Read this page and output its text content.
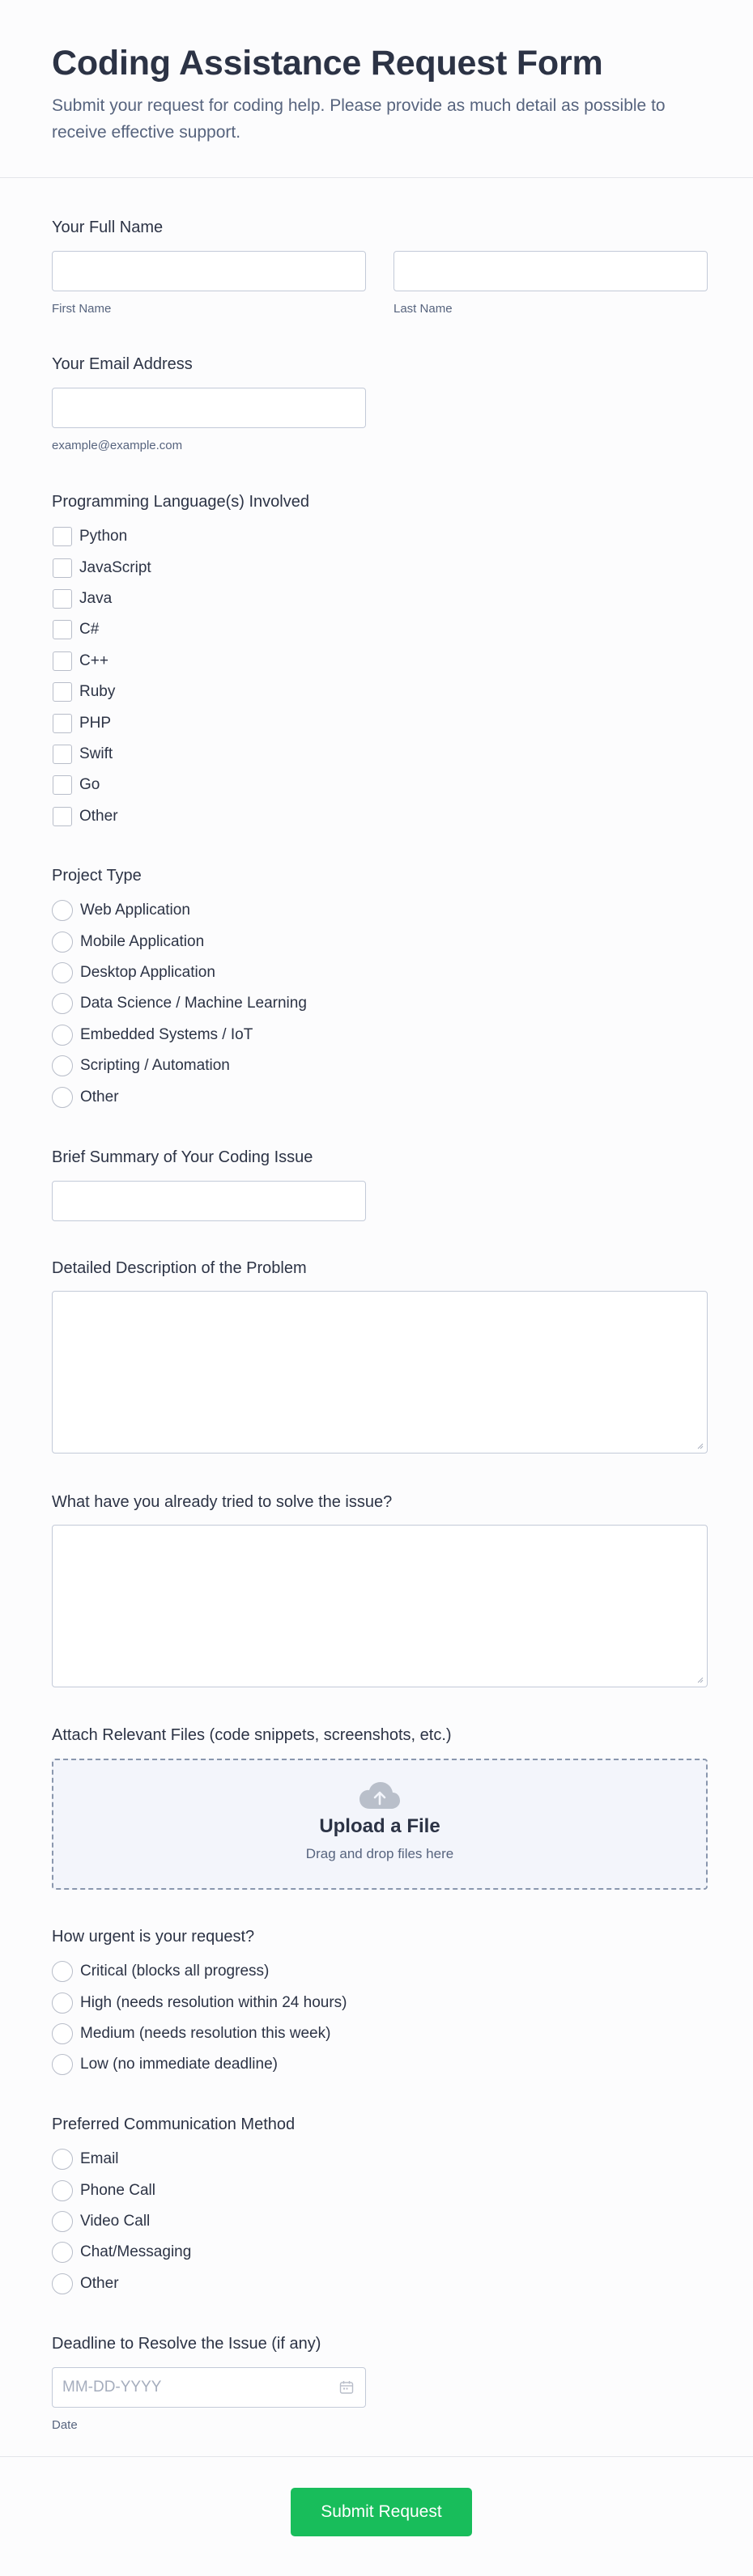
Coding Assistance Request Form

Submit your request for coding help. Please provide as much detail as possible to receive effective support.

Your Full Name
First Name	Last Name
Your Email Address
example@example.com
Programming Language(s) Involved
Python
JavaScript
Java
C#
C++
Ruby
PHP
Swift
Go
Other
Project Type
Web Application
Mobile Application
Desktop Application
Data Science / Machine Learning
Embedded Systems / IoT
Scripting / Automation
Other
Brief Summary of Your Coding Issue
Detailed Description of the Problem
What have you already tried to solve the issue?
Attach Relevant Files (code snippets, screenshots, etc.)
Upload a File
Drag and drop files here
How urgent is your request?
Critical (blocks all progress)
High (needs resolution within 24 hours)
Medium (needs resolution this week)
Low (no immediate deadline)
Preferred Communication Method
Email
Phone Call
Video Call
Chat/Messaging
Other
Deadline to Resolve the Issue (if any)
MM-DD-YYYY
Date
Submit Request
